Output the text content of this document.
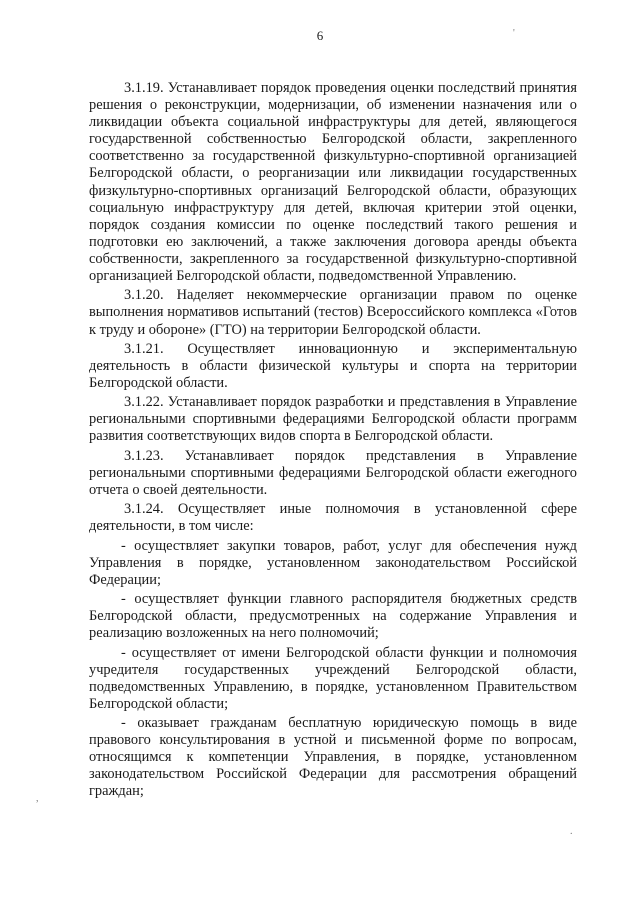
6	'
,
.

3.1.19. Устанавливает порядок проведения оценки последствий принятия решения о реконструкции, модернизации, об изменении назначения или о ликвидации объекта социальной инфраструктуры для детей, являющегося государственной собственностью Белгородской области, закрепленного соответственно за государственной физкультурно-спортивной организацией Белгородской области, о реорганизации или ликвидации государственных физкультурно-спортивных организаций Белгородской области, образующих социальную инфраструктуру для детей, включая критерии этой оценки, порядок создания комиссии по оценке последствий такого решения и подготовки ею заключений, а также заключения договора аренды объекта собственности, закрепленного за государственной физкультурно-спортивной организацией Белгородской области, подведомственной Управлению.

3.1.20. Наделяет некоммерческие организации правом по оценке выполнения нормативов испытаний (тестов) Всероссийского комплекса «Готов к труду и обороне» (ГТО) на территории Белгородской области.

3.1.21. Осуществляет инновационную и экспериментальную деятельность в области физической культуры и спорта на территории Белгородской области.

3.1.22. Устанавливает порядок разработки и представления в Управление региональными спортивными федерациями Белгородской области программ развития соответствующих видов спорта в Белгородской области.

3.1.23. Устанавливает порядок представления в Управление региональными спортивными федерациями Белгородской области ежегодного отчета о своей деятельности.

3.1.24. Осуществляет иные полномочия в установленной сфере деятельности, в том числе:

- осуществляет закупки товаров, работ, услуг для обеспечения нужд Управления в порядке, установленном законодательством Российской Федерации;

- осуществляет функции главного распорядителя бюджетных средств Белгородской области, предусмотренных на содержание Управления и реализацию возложенных на него полномочий;

- осуществляет от имени Белгородской области функции и полномочия учредителя государственных учреждений Белгородской области, подведомственных Управлению, в порядке, установленном Правительством Белгородской области;

- оказывает гражданам бесплатную юридическую помощь в виде правового консультирования в устной и письменной форме по вопросам, относящимся к компетенции Управления, в порядке, установленном законодательством Российской Федерации для рассмотрения обращений граждан;
